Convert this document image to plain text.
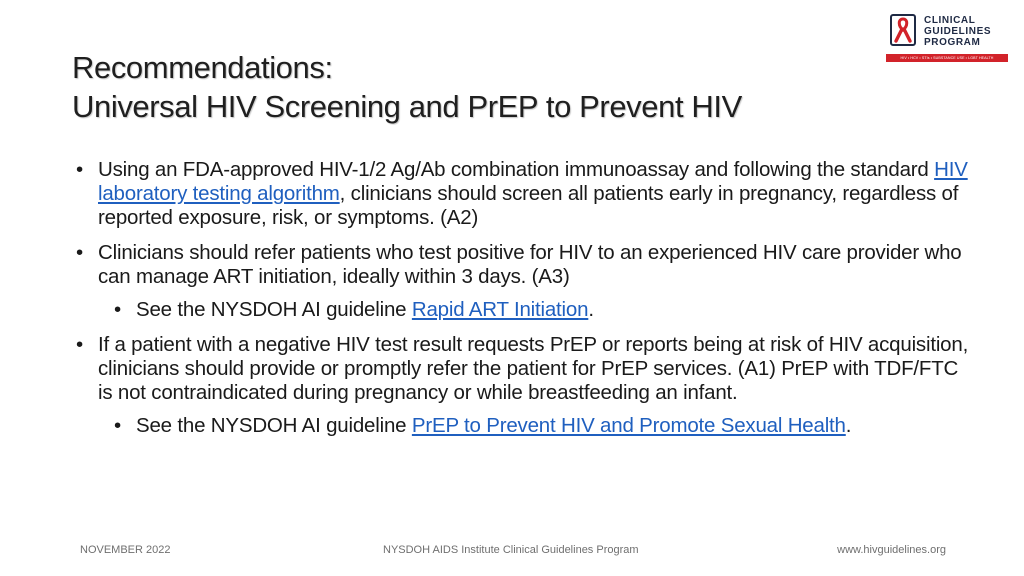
CLINICAL
GUIDELINES
PROGRAM
HIV • HCV • STIs • SUBSTANCE USE • LGBT HEALTH
Recommendations:
Universal HIV Screening and PrEP to Prevent HIV

• Using an FDA-approved HIV-1/2 Ag/Ab combination immunoassay and following the standard HIV laboratory testing algorithm, clinicians should screen all patients early in pregnancy, regardless of reported exposure, risk, or symptoms. (A2)

• Clinicians should refer patients who test positive for HIV to an experienced HIV care provider who can manage ART initiation, ideally within 3 days. (A3)

• See the NYSDOH AI guideline Rapid ART Initiation.

• If a patient with a negative HIV test result requests PrEP or reports being at risk of HIV acquisition, clinicians should provide or promptly refer the patient for PrEP services. (A1) PrEP with TDF/FTC is not contraindicated during pregnancy or while breastfeeding an infant.

• See the NYSDOH AI guideline PrEP to Prevent HIV and Promote Sexual Health.

NOVEMBER 2022	NYSDOH AIDS Institute Clinical Guidelines Program	www.hivguidelines.org
